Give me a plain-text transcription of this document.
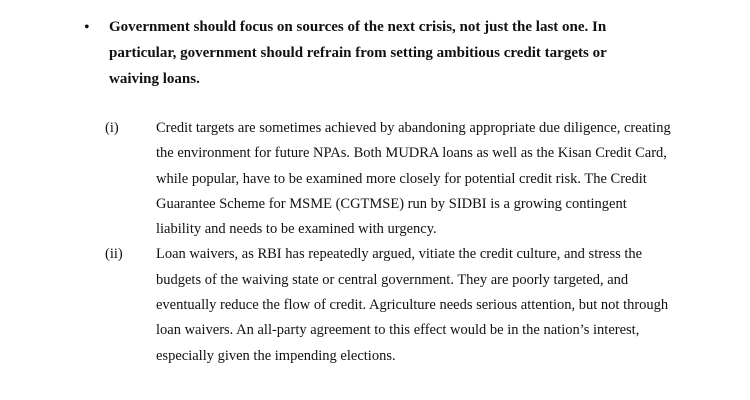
• Government should focus on sources of the next crisis, not just the last one. In particular, government should refrain from setting ambitious credit targets or waiving loans.
(i)	Credit targets are sometimes achieved by abandoning appropriate due diligence, creating the environment for future NPAs. Both MUDRA loans as well as the Kisan Credit Card, while popular, have to be examined more closely for potential credit risk. The Credit Guarantee Scheme for MSME (CGTMSE) run by SIDBI is a growing contingent liability and needs to be examined with urgency.
(ii) Loan waivers, as RBI has repeatedly argued, vitiate the credit culture, and stress the budgets of the waiving state or central government. They are poorly targeted, and eventually reduce the flow of credit. Agriculture needs serious attention, but not through loan waivers. An all-party agreement to this effect would be in the nation’s interest, especially given the impending elections.
